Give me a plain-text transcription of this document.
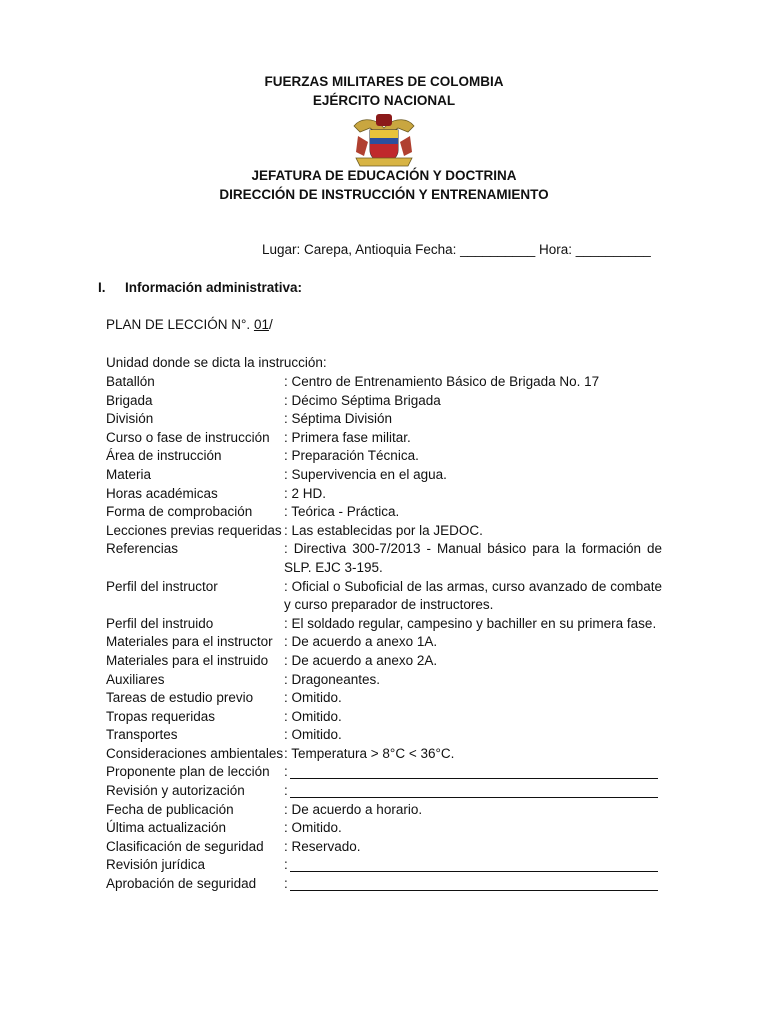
FUERZAS MILITARES DE COLOMBIA
EJÉRCITO NACIONAL
JEFATURA DE EDUCACIÓN Y DOCTRINA
DIRECCIÓN DE INSTRUCCIÓN Y ENTRENAMIENTO
Lugar: Carepa, Antioquia Fecha: __________ Hora: __________
I. Información administrativa:
PLAN DE LECCIÓN N°. 01/
Unidad donde se dicta la instrucción:
Batallón	: Centro de Entrenamiento Básico de Brigada No. 17
Brigada	: Décimo Séptima Brigada
División	: Séptima División
Curso o fase de instrucción : Primera fase militar.
Área de instrucción	: Preparación Técnica.
Materia	: Supervivencia en el agua.
Horas académicas	: 2 HD.
Forma de comprobación : Teórica - Práctica.
Lecciones previas requeridas : Las establecidas por la JEDOC.
Referencias	: Directiva 300-7/2013 - Manual básico para la formación de SLP. EJC 3-195.
Perfil del instructor	: Oficial o Suboficial de las armas, curso avanzado de combate y curso preparador de instructores.
Perfil del instruido	: El soldado regular, campesino y bachiller en su primera fase.
Materiales para el instructor : De acuerdo a anexo 1A.
Materiales para el instruido : De acuerdo a anexo 2A.
Auxiliares	: Dragoneantes.
Tareas de estudio previo : Omitido.
Tropas requeridas	: Omitido.
Transportes	: Omitido.
Consideraciones ambientales : Temperatura > 8°C < 36°C.
Proponente plan de lección :
Revisión y autorización	:
Fecha de publicación	: De acuerdo a horario.
Última actualización	: Omitido.
Clasificación de seguridad : Reservado.
Revisión jurídica	:
Aprobación de seguridad :
